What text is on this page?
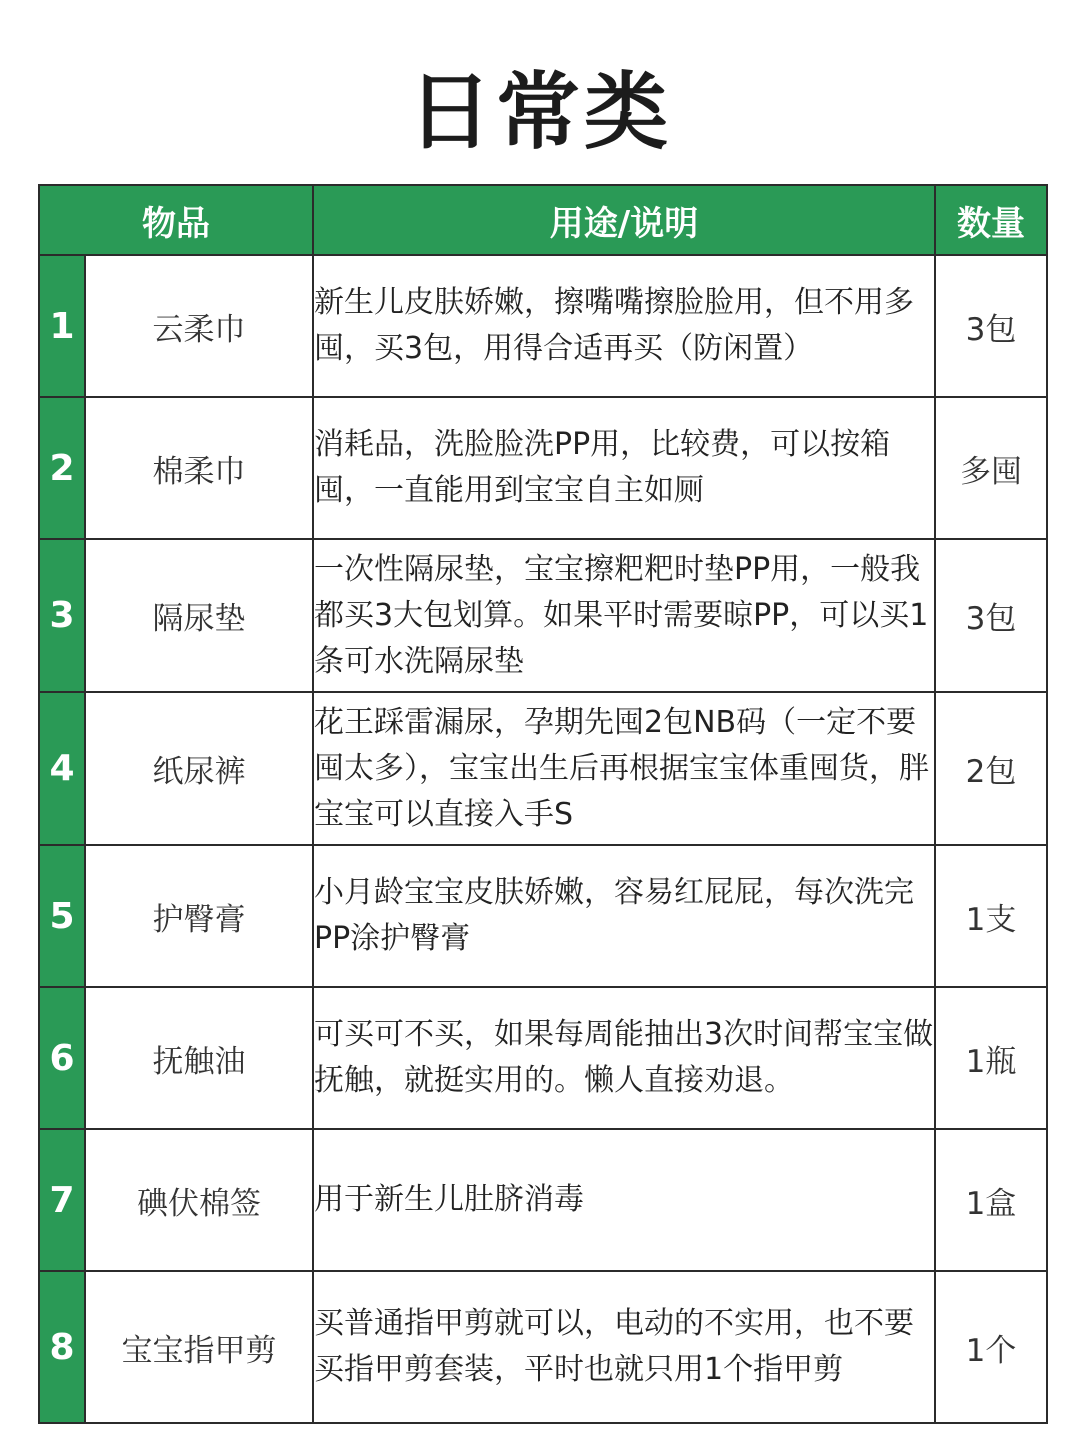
日常类
物品		用途/说明	数量
1	云柔巾	新生儿皮肤娇嫩，擦嘴嘴擦脸脸用，但不用多囤，买3包，用得合适再买（防闲置）	3包
2	棉柔巾	消耗品，洗脸脸洗PP用，比较费，可以按箱囤，一直能用到宝宝自主如厕	多囤
3	隔尿垫	一次性隔尿垫，宝宝擦粑粑时垫PP用，一般我都买3大包划算。如果平时需要晾PP，可以买1条可水洗隔尿垫	3包
4	纸尿裤	花王踩雷漏尿，孕期先囤2包NB码（一定不要囤太多），宝宝出生后再根据宝宝体重囤货，胖宝宝可以直接入手S	2包
5	护臀膏	小月龄宝宝皮肤娇嫩，容易红屁屁，每次洗完PP涂护臀膏	1支
6	抚触油	可买可不买，如果每周能抽出3次时间帮宝宝做抚触，就挺实用的。懒人直接劝退。	1瓶
7	碘伏棉签	用于新生儿肚脐消毒	1盒
8	宝宝指甲剪	买普通指甲剪就可以，电动的不实用，也不要买指甲剪套装，平时也就只用1个指甲剪	1个
